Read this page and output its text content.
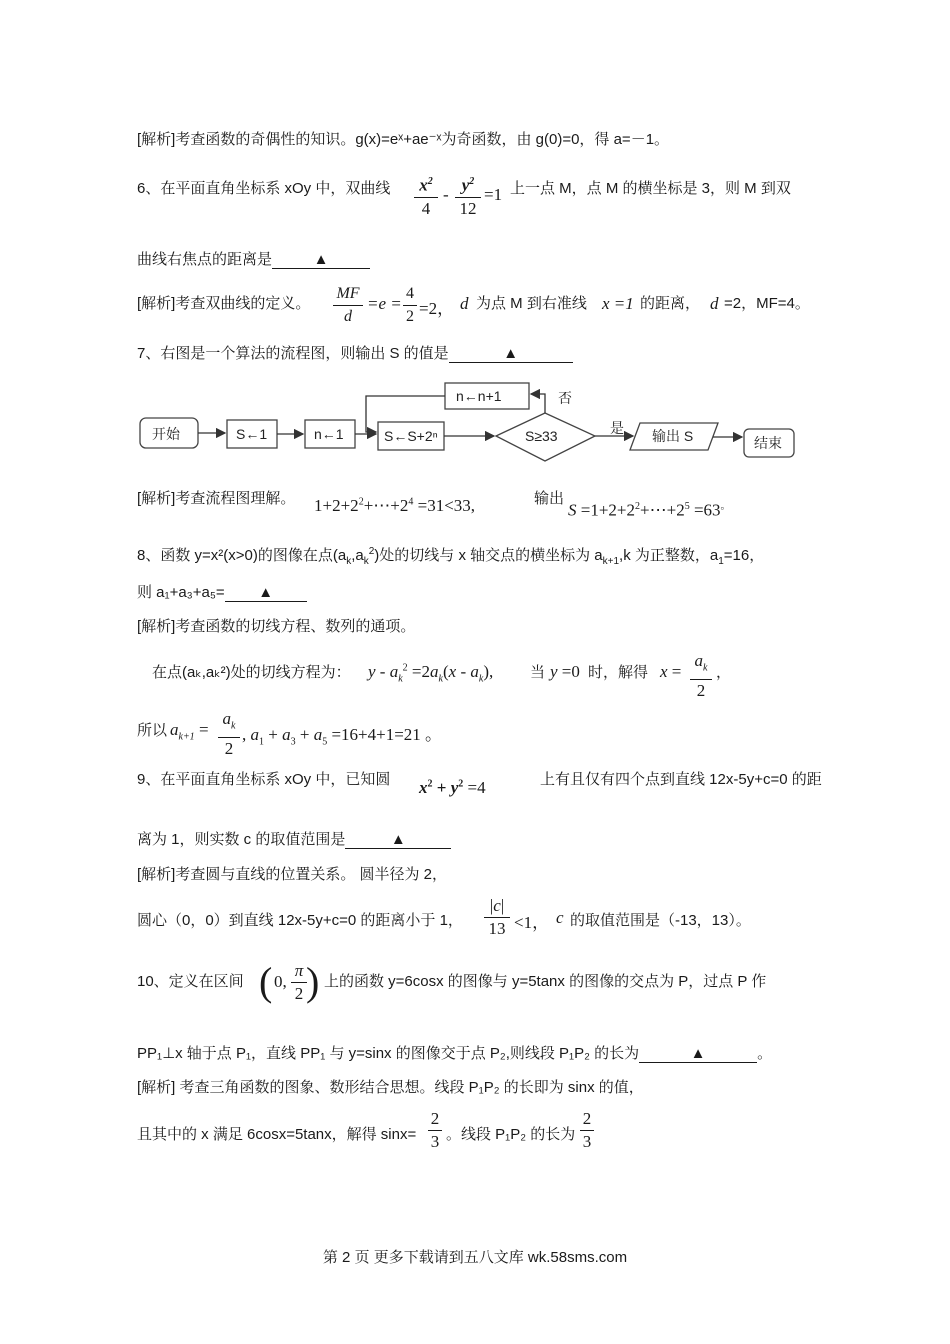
[解析]考查函数的奇偶性的知识。g(x)=eˣ+ae⁻ˣ为奇函数，由 g(0)=0，得 a=－1。
6、在平面直角坐标系 xOy 中，双曲线 $\frac{x^2}{4} - \frac{y^2}{12} =1$ 上一点 M，点 M 的横坐标是 3，则 M 到双
曲线右焦点的距离是	▲
[解析]考查双曲线的定义。 $\frac{MF}{d} =e = \frac{4}{2} =2$， d 为点 M 到右准线 x =1 的距离， d =2，MF=4。
7、右图是一个算法的流程图，则输出 S 的值是	▲
开始	S←1	n←1	S←S+2ⁿ	S≥33
n←n+1	否
是 输出 S	结束
[解析]考查流程图理解。 $1+2+2^2+\cdots+2^4 =31<33$,	输出
$S =1+2+2^2+\cdots+2^5 =63^。$
8、函数 y=x²(x>0)的图像在点$(a_k,a_k^2)$处的切线与 x 轴交点的横坐标为 $a_{k+1},k$ 为正整数，$a_1=16$，
则 a₁+a₃+a₅= ▲
[解析]考查函数的切线方程、数列的通项。
在点(aₖ,aₖ²)处的切线方程为： $y - a_k^2 =2a_k(x - a_k)$, 当 y =0 时，解得 $x = \frac{a_k}{2}$ ，
所以 $a_{k+1} = \frac{a_k}{2}$ , $a_1 + a_3 + a_5 =16+4+1=21$ 。
9、在平面直角坐标系 xOy 中，已知圆 $x^2 + y^2 =4$	上有且仅有四个点到直线 12x-5y+c=0 的距
离为 1，则实数 c 的取值范围是	▲
[解析]考查圆与直线的位置关系。 圆半径为 2，
圆心（0，0）到直线 12x-5y+c=0 的距离小于 1， $\frac{|c|}{13} <1$， c 的取值范围是（-13，13）。
10、定义在区间 ( 0, $\frac{\pi}{2}$ ) 上的函数 y=6cosx 的图像与 y=5tanx 的图像的交点为 P，过点 P 作
PP₁⊥x 轴于点 P₁，直线 PP₁ 与 y=sinx 的图像交于点 P₂,则线段 P₁P₂ 的长为	▲	。
[解析] 考查三角函数的图象、数形结合思想。线段 P₁P₂ 的长即为 sinx 的值，
且其中的 x 满足 6cosx=5tanx，解得 $\sin x= \frac{2}{3}$ 。线段 P₁P₂ 的长为 $\frac{2}{3}$
第 2 页 更多下载请到五八文库 wk.58sms.com
